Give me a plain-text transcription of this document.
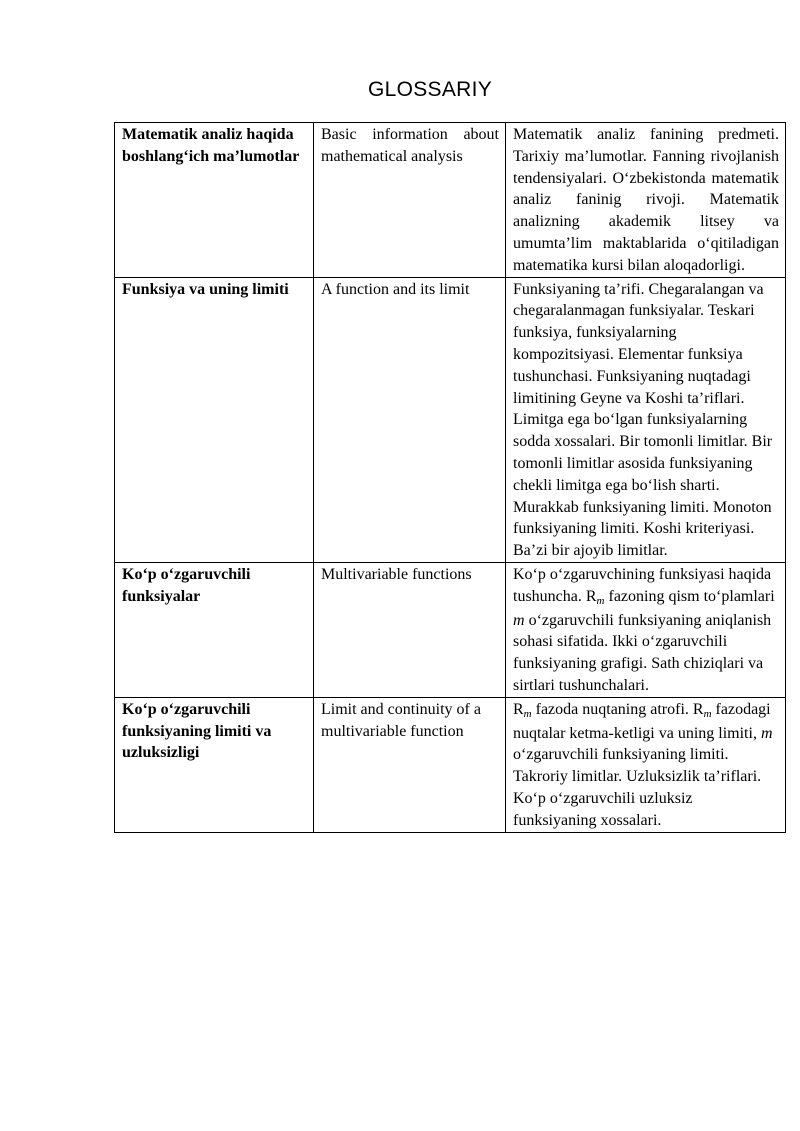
GLOSSARIY
Matematik analiz haqida boshlang‘ich ma’lumotlar	Basic information about mathematical analysis	Matematik analiz fanining predmeti. Tarixiy ma’lumotlar. Fanning rivojlanish tendensiyalari. O‘zbekistonda matematik analiz faninig rivoji. Matematik analizning akademik litsey va umumta’lim maktablarida o‘qitiladigan matematika kursi bilan aloqadorligi.
Funksiya va uning limiti	A function and its limit	Funksiyaning ta’rifi. Chegaralangan va chegaralanmagan funksiyalar. Teskari funksiya, funksiyalarning kompozitsiyasi. Elementar funksiya tushunchasi. Funksiyaning nuqtadagi limitining Geyne va Koshi ta’riflari. Limitga ega bo‘lgan funksiyalarning sodda xossalari. Bir tomonli limitlar. Bir tomonli limitlar asosida funksiyaning chekli limitga ega bo‘lish sharti. Murakkab funksiyaning limiti. Monoton funksiyaning limiti. Koshi kriteriyasi. Ba’zi bir ajoyib limitlar.
Ko‘p o‘zgaruvchili funksiyalar	Multivariable functions	Ko‘p o‘zgaruvchining funksiyasi haqida tushuncha. Rm fazoning qism to‘plamlari m o‘zgaruvchili funksiyaning aniqlanish sohasi sifatida. Ikki o‘zgaruvchili funksiyaning grafigi. Sath chiziqlari va sirtlari tushunchalari.
Ko‘p o‘zgaruvchili funksiyaning limiti va uzluksizligi	Limit and continuity of a multivariable function	Rm fazoda nuqtaning atrofi. Rm fazodagi nuqtalar ketma-ketligi va uning limiti, m o‘zgaruvchili funksiyaning limiti. Takroriy limitlar. Uzluksizlik ta’riflari. Ko‘p o‘zgaruvchili uzluksiz funksiyaning xossalari.
